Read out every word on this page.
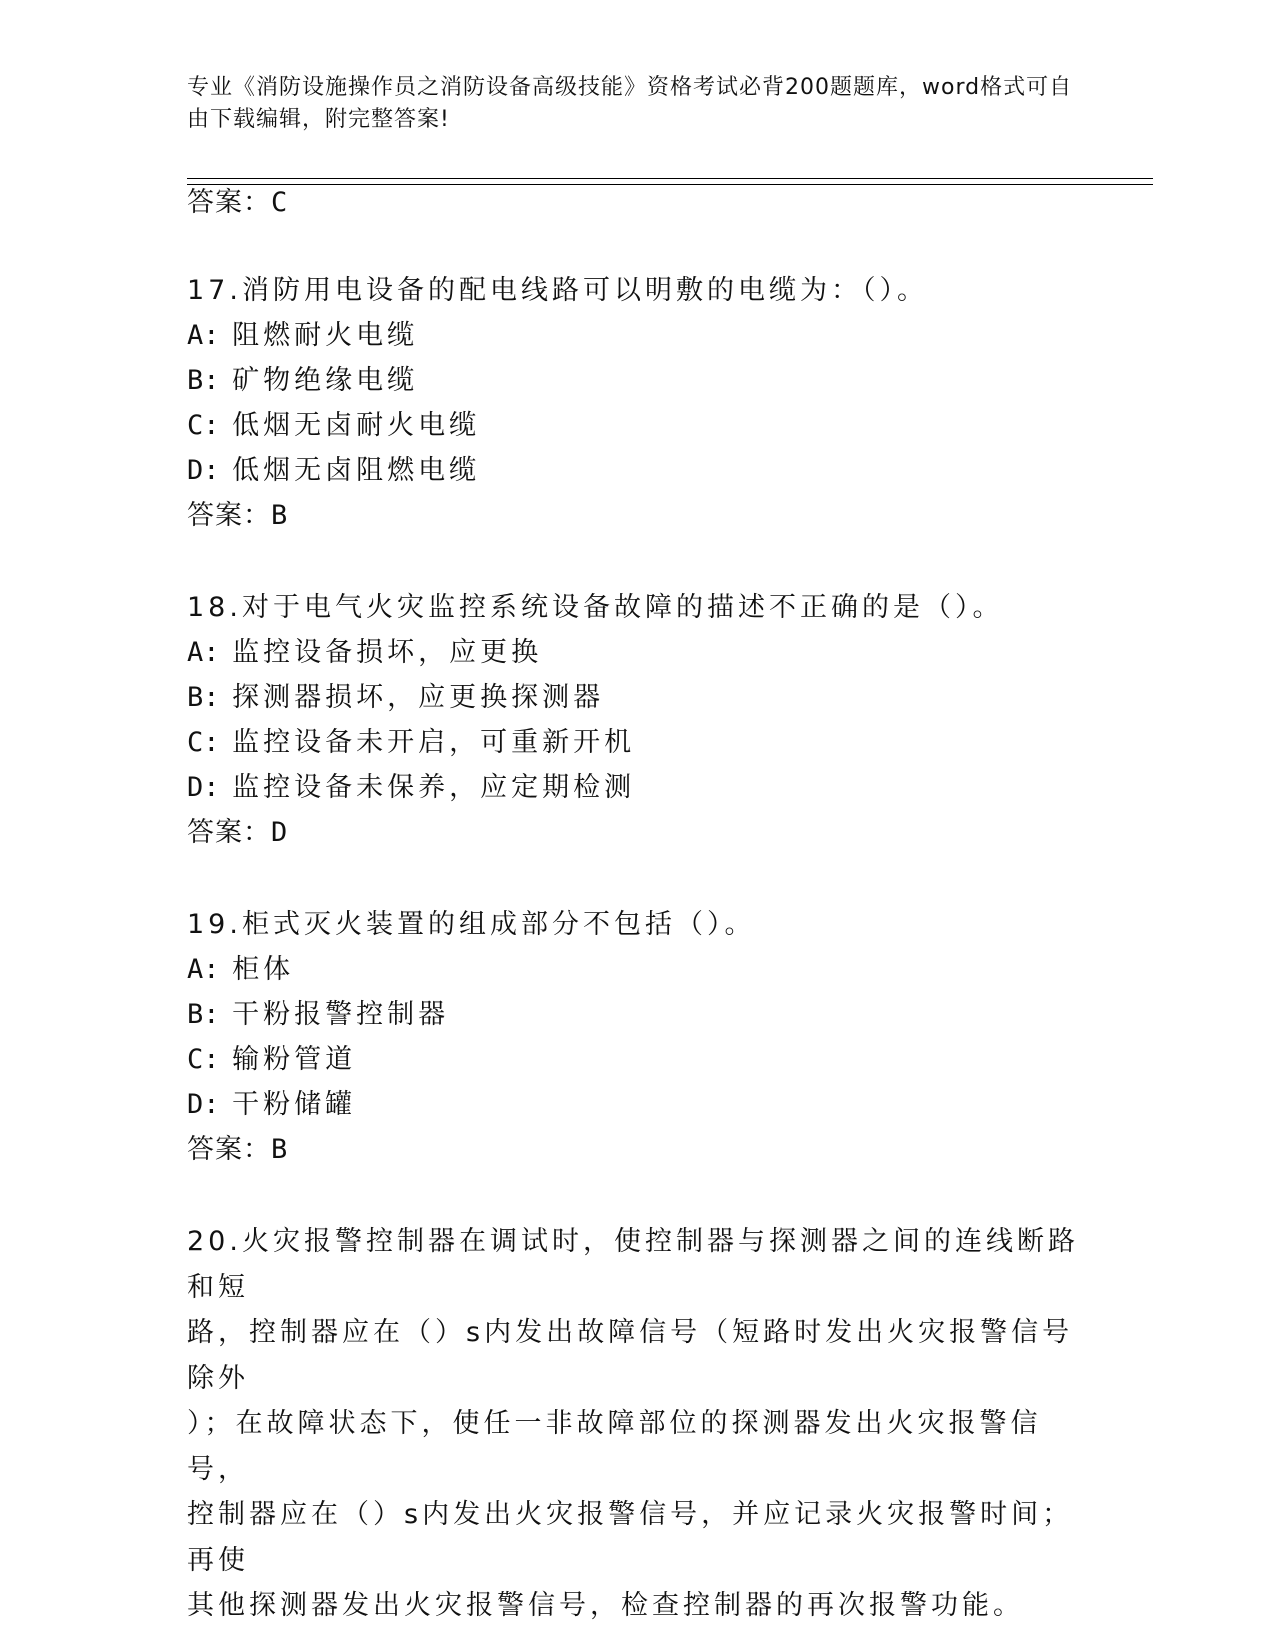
专业《消防设施操作员之消防设备高级技能》资格考试必背200题题库，word格式可自由下载编辑，附完整答案!
答案：C
17.消防用电设备的配电线路可以明敷的电缆为：（）。
A: 阻燃耐火电缆
B: 矿物绝缘电缆
C: 低烟无卤耐火电缆
D: 低烟无卤阻燃电缆
答案：B
18.对于电气火灾监控系统设备故障的描述不正确的是（）。
A: 监控设备损坏，应更换
B: 探测器损坏，应更换探测器
C: 监控设备未开启，可重新开机
D: 监控设备未保养，应定期检测
答案：D
19.柜式灭火装置的组成部分不包括（）。
A: 柜体
B: 干粉报警控制器
C: 输粉管道
D: 干粉储罐
答案：B
20.火灾报警控制器在调试时，使控制器与探测器之间的连线断路和短
路，控制器应在（）s内发出故障信号（短路时发出火灾报警信号除外
）；在故障状态下，使任一非故障部位的探测器发出火灾报警信号，
控制器应在（）s内发出火灾报警信号，并应记录火灾报警时间；再使
其他探测器发出火灾报警信号，检查控制器的再次报警功能。
